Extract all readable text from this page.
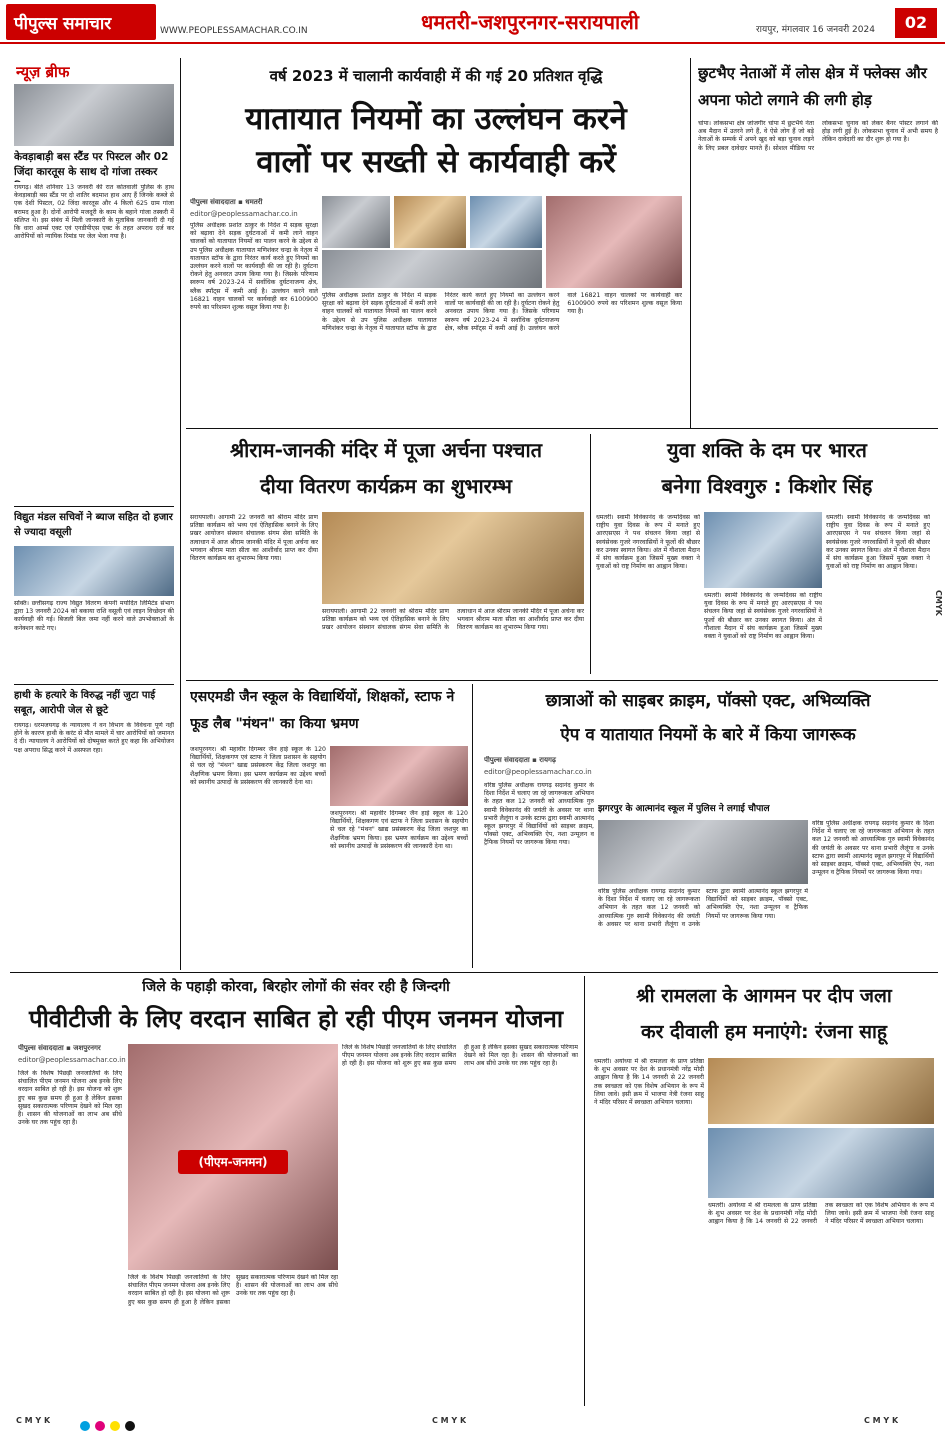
पीपुल्स समाचार	WWW.PEOPLESSAMACHAR.CO.IN	धमतरी-जशपुरनगर-सरायपाली	रायपुर, मंगलवार 16 जनवरी 2024	02
न्यूज़ ब्रीफ
केवड़ाबाड़ी बस स्टैंड पर पिस्टल और 02 जिंदा कारतूस के साथ दो गांजा तस्कर
रायगढ़। बीते शनिवार 13 जनवरी की रात कोतवाली पुलिस के हाथ केवड़ाबाड़ी बस स्टैंड पर दो शातिर बदमाश हाथ आए हैं जिनके कब्जे से एक देशी पिस्टल, 02 जिंदा कारतूस और 4 किलो 625 ग्राम गांजा बरामद हुआ है। दोनों आरोपी मजदूरी के काम के बहाने गांजा तस्करी में संलिप्त थे। इस संबंध में मिली जानकारी के मुताबिक जानकारी दी गई कि धारा आर्म्स एक्ट एवं एनडीपीएस एक्ट के तहत अपराध दर्ज कर आरोपियों को न्यायिक रिमांड पर जेल भेजा गया है।
विद्युत मंडल सचिवों ने ब्याज सहित दो हजार से ज्यादा वसूली
सक्ति। छत्तीसगढ़ राज्य विद्युत वितरण कंपनी मर्यादित लिमिटेड संभाग द्वारा 13 जनवरी 2024 को बकाया राशि वसूली एवं लाइन विच्छेदन की कार्यवाही की गई। बिजली बिल जमा नहीं करने वाले उपभोक्ताओं के कनेक्शन काटे गए।
हाथी के हत्यारे के विरुद्ध नहीं जुटा पाई सबूत, आरोपी जेल से छूटे
रायगढ़। धरमजयगढ़ के न्यायालय ने वन विभाग के विवेचना पूर्ण नहीं होने के कारण हाथी के करंट से मौत मामले में चार आरोपियों को जमानत दे दी। न्यायालय ने आरोपियों को दोषमुक्त करते हुए कहा कि अभियोजन पक्ष अपराध सिद्ध करने में असफल रहा।
वर्ष 2023 में चालानी कार्यवाही में की गई 20 प्रतिशत वृद्धि
यातायात नियमों का उल्लंघन करने
वालों पर सख्ती से कार्यवाही करें
पीपुल्स संवाददाता ▪ धमतरी
editor@peoplessamachar.co.in
पुलिस अधीक्षक प्रशांत ठाकुर के निर्देश में सड़क सुरक्षा को बढ़ावा देने सड़क दुर्घटनाओं में कमी लाने वाहन चालकों को यातायात नियमों का पालन करने के उद्देश्य से उप पुलिस अधीक्षक यातायात मणिशंकर चन्द्रा के नेतृत्व में यातायात स्टॉफ के द्वारा निरंतर कार्य करते हुए नियमों का उल्लंघन करने वालों पर कार्यवाही की जा रही है। दुर्घटना रोकने हेतु अनवरत उपाय किया गया है। जिसके परिणाम स्वरूप वर्ष 2023-24 में सर्वाधिक दुर्घटनाजन्य क्षेत्र, ब्लैक स्पॉट्स में कमी आई है। उल्लंघन करने वाले 16821 वाहन चालकों पर कार्यवाही कर 6100900 रुपये का परिशमन शुल्क वसूल किया गया है।
पुलिस अधीक्षक प्रशांत ठाकुर के निर्देश में सड़क सुरक्षा को बढ़ावा देने सड़क दुर्घटनाओं में कमी लाने वाहन चालकों को यातायात नियमों का पालन करने के उद्देश्य से उप पुलिस अधीक्षक यातायात मणिशंकर चन्द्रा के नेतृत्व में यातायात स्टॉफ के द्वारा निरंतर कार्य करते हुए नियमों का उल्लंघन करने वालों पर कार्यवाही की जा रही है। दुर्घटना रोकने हेतु अनवरत उपाय किया गया है। जिसके परिणाम स्वरूप वर्ष 2023-24 में सर्वाधिक दुर्घटनाजन्य क्षेत्र, ब्लैक स्पॉट्स में कमी आई है। उल्लंघन करने वाले 16821 वाहन चालकों पर कार्यवाही कर 6100900 रुपये का परिशमन शुल्क वसूल किया गया है।
छुटभैए नेताओं में लोस क्षेत्र में फ्लेक्स और अपना फोटो लगाने की लगी होड़
चांपा। लोकसभा क्षेत्र जांजगीर चांपा में छुटभैये नेता अब मैदान में उतरने लगे हैं, वे ऐसे लोग हैं जो बड़े नेताओं के सम्पर्क में अपने खुद को बड़ा चुनाव लड़ने के लिए प्रबल दावेदार मानते हैं। सोशल मीडिया पर लोकसभा चुनाव को लेकर बैनर पोस्टर लगाने की होड़ लगी हुई है। लोकसभा चुनाव में अभी समय है लेकिन दावेदारी का दौर शुरू हो गया है।
श्रीराम-जानकी मंदिर में पूजा अर्चना पश्चात
दीया वितरण कार्यक्रम का शुभारम्भ
सरायपाली। आगामी 22 जनवरी को श्रीराम मंदिर प्राण प्रतिष्ठा कार्यक्रम को भव्य एवं ऐतिहासिक बनाने के लिए प्रखर आयोजन संस्थान संचालक संगम सेवा समिति के तत्वाधान में आज श्रीराम जानकी मंदिर में पूजा अर्चना कर भगवान श्रीराम माता सीता का आशीर्वाद प्राप्त कर दीया वितरण कार्यक्रम का शुभारम्भ किया गया।
सरायपाली। आगामी 22 जनवरी को श्रीराम मंदिर प्राण प्रतिष्ठा कार्यक्रम को भव्य एवं ऐतिहासिक बनाने के लिए प्रखर आयोजन संस्थान संचालक संगम सेवा समिति के तत्वाधान में आज श्रीराम जानकी मंदिर में पूजा अर्चना कर भगवान श्रीराम माता सीता का आशीर्वाद प्राप्त कर दीया वितरण कार्यक्रम का शुभारम्भ किया गया।
युवा शक्ति के दम पर भारत
बनेगा विश्वगुरु : किशोर सिंह
धमतरी। स्वामी विवेकानंद के जन्मदिवस को राष्ट्रीय युवा दिवस के रूप में मनाते हुए आरएसएस ने पथ संचलन किया जहां से स्वयंसेवक गुजरे नगरवासियों ने फूलों की बौछार कर उनका स्वागत किया। अंत में गौशाला मैदान में संघ कार्यक्रम हुआ जिसमें मुख्य वक्ता ने युवाओं को राष्ट्र निर्माण का आह्वान किया।
धमतरी। स्वामी विवेकानंद के जन्मदिवस को राष्ट्रीय युवा दिवस के रूप में मनाते हुए आरएसएस ने पथ संचलन किया जहां से स्वयंसेवक गुजरे नगरवासियों ने फूलों की बौछार कर उनका स्वागत किया। अंत में गौशाला मैदान में संघ कार्यक्रम हुआ जिसमें मुख्य वक्ता ने युवाओं को राष्ट्र निर्माण का आह्वान किया।
धमतरी। स्वामी विवेकानंद के जन्मदिवस को राष्ट्रीय युवा दिवस के रूप में मनाते हुए आरएसएस ने पथ संचलन किया जहां से स्वयंसेवक गुजरे नगरवासियों ने फूलों की बौछार कर उनका स्वागत किया। अंत में गौशाला मैदान में संघ कार्यक्रम हुआ जिसमें मुख्य वक्ता ने युवाओं को राष्ट्र निर्माण का आह्वान किया।
एसएमडी जैन स्कूल के विद्यार्थियों, शिक्षकों, स्टाफ ने फूड लैब "मंथन" का किया भ्रमण
जशपुरनगर। श्री महावीर दिगम्बर जैन हाई स्कूल के 120 विद्यार्थियों, शिक्षकगण एवं स्टाफ ने जिला प्रशासन के सहयोग से चल रहे "मंथन" खाद्य प्रसंस्करण केंद्र जिला जशपुर का शैक्षणिक भ्रमण किया। इस भ्रमण कार्यक्रम का उद्देश्य बच्चों को स्थानीय उत्पादों के प्रसंस्करण की जानकारी देना था।
जशपुरनगर। श्री महावीर दिगम्बर जैन हाई स्कूल के 120 विद्यार्थियों, शिक्षकगण एवं स्टाफ ने जिला प्रशासन के सहयोग से चल रहे "मंथन" खाद्य प्रसंस्करण केंद्र जिला जशपुर का शैक्षणिक भ्रमण किया। इस भ्रमण कार्यक्रम का उद्देश्य बच्चों को स्थानीय उत्पादों के प्रसंस्करण की जानकारी देना था।
छात्राओं को साइबर क्राइम, पॉक्सो एक्ट, अभिव्यक्ति
ऐप व यातायात नियमों के बारे में किया जागरूक
पीपुल्स संवाददाता ▪ रायगढ़
editor@peoplessamachar.co.in
झगरपुर के आत्मानंद स्कूल में पुलिस ने लगाई चौपाल
वरिष्ठ पुलिस अधीक्षक रायगढ़ सदानंद कुमार के दिशा निर्देश में चलाए जा रहे जागरूकता अभियान के तहत कल 12 जनवरी को आध्यात्मिक गुरु स्वामी विवेकानंद की जयंती के अवसर पर थाना प्रभारी लैलूंगा व उनके स्टाफ द्वारा स्वामी आत्मानंद स्कूल झगरपुर में विद्यार्थियों को साइबर क्राइम, पॉक्सो एक्ट, अभिव्यक्ति ऐप, नशा उन्मूलन व ट्रैफिक नियमों पर जागरूक किया गया।
वरिष्ठ पुलिस अधीक्षक रायगढ़ सदानंद कुमार के दिशा निर्देश में चलाए जा रहे जागरूकता अभियान के तहत कल 12 जनवरी को आध्यात्मिक गुरु स्वामी विवेकानंद की जयंती के अवसर पर थाना प्रभारी लैलूंगा व उनके स्टाफ द्वारा स्वामी आत्मानंद स्कूल झगरपुर में विद्यार्थियों को साइबर क्राइम, पॉक्सो एक्ट, अभिव्यक्ति ऐप, नशा उन्मूलन व ट्रैफिक नियमों पर जागरूक किया गया।
वरिष्ठ पुलिस अधीक्षक रायगढ़ सदानंद कुमार के दिशा निर्देश में चलाए जा रहे जागरूकता अभियान के तहत कल 12 जनवरी को आध्यात्मिक गुरु स्वामी विवेकानंद की जयंती के अवसर पर थाना प्रभारी लैलूंगा व उनके स्टाफ द्वारा स्वामी आत्मानंद स्कूल झगरपुर में विद्यार्थियों को साइबर क्राइम, पॉक्सो एक्ट, अभिव्यक्ति ऐप, नशा उन्मूलन व ट्रैफिक नियमों पर जागरूक किया गया।
जिले के पहाड़ी कोरवा, बिरहोर लोगों की संवर रही है जिन्दगी
पीवीटीजी के लिए वरदान साबित हो रही पीएम जनमन योजना
पीपुल्स संवाददाता ▪ जशपुरनगर
editor@peoplessamachar.co.in
जिले के विशेष पिछड़ी जनजातियों के लिए संचालित पीएम जनमन योजना अब इनके लिए वरदान साबित हो रही है। इस योजना को शुरू हुए बस कुछ समय ही हुआ है लेकिन इसका सुखद सकारात्मक परिणाम देखने को मिल रहा है। शासन की योजनाओं का लाभ अब सीधे उनके घर तक पहुंच रहा है।
(पीएम-जनमन)
जिले के विशेष पिछड़ी जनजातियों के लिए संचालित पीएम जनमन योजना अब इनके लिए वरदान साबित हो रही है। इस योजना को शुरू हुए बस कुछ समय ही हुआ है लेकिन इसका सुखद सकारात्मक परिणाम देखने को मिल रहा है। शासन की योजनाओं का लाभ अब सीधे उनके घर तक पहुंच रहा है।
जिले के विशेष पिछड़ी जनजातियों के लिए संचालित पीएम जनमन योजना अब इनके लिए वरदान साबित हो रही है। इस योजना को शुरू हुए बस कुछ समय ही हुआ है लेकिन इसका सुखद सकारात्मक परिणाम देखने को मिल रहा है। शासन की योजनाओं का लाभ अब सीधे उनके घर तक पहुंच रहा है।
श्री रामलला के आगमन पर दीप जला
कर दीवाली हम मनाएंगे: रंजना साहू
धमतरी। अयोध्या में श्री रामलला के प्राण प्रतिष्ठा के शुभ अवसर पर देश के प्रधानमंत्री नरेंद्र मोदी आह्वान किया है कि 14 जनवरी से 22 जनवरी तक स्वच्छता को एक विशेष अभियान के रूप में लिया जावे। इसी क्रम में भाजपा नेत्री रंजना साहू ने मंदिर परिसर में स्वच्छता अभियान चलाया।
धमतरी। अयोध्या में श्री रामलला के प्राण प्रतिष्ठा के शुभ अवसर पर देश के प्रधानमंत्री नरेंद्र मोदी आह्वान किया है कि 14 जनवरी से 22 जनवरी तक स्वच्छता को एक विशेष अभियान के रूप में लिया जावे। इसी क्रम में भाजपा नेत्री रंजना साहू ने मंदिर परिसर में स्वच्छता अभियान चलाया।
C M Y K
	C M Y K	C M Y K
CMYK
